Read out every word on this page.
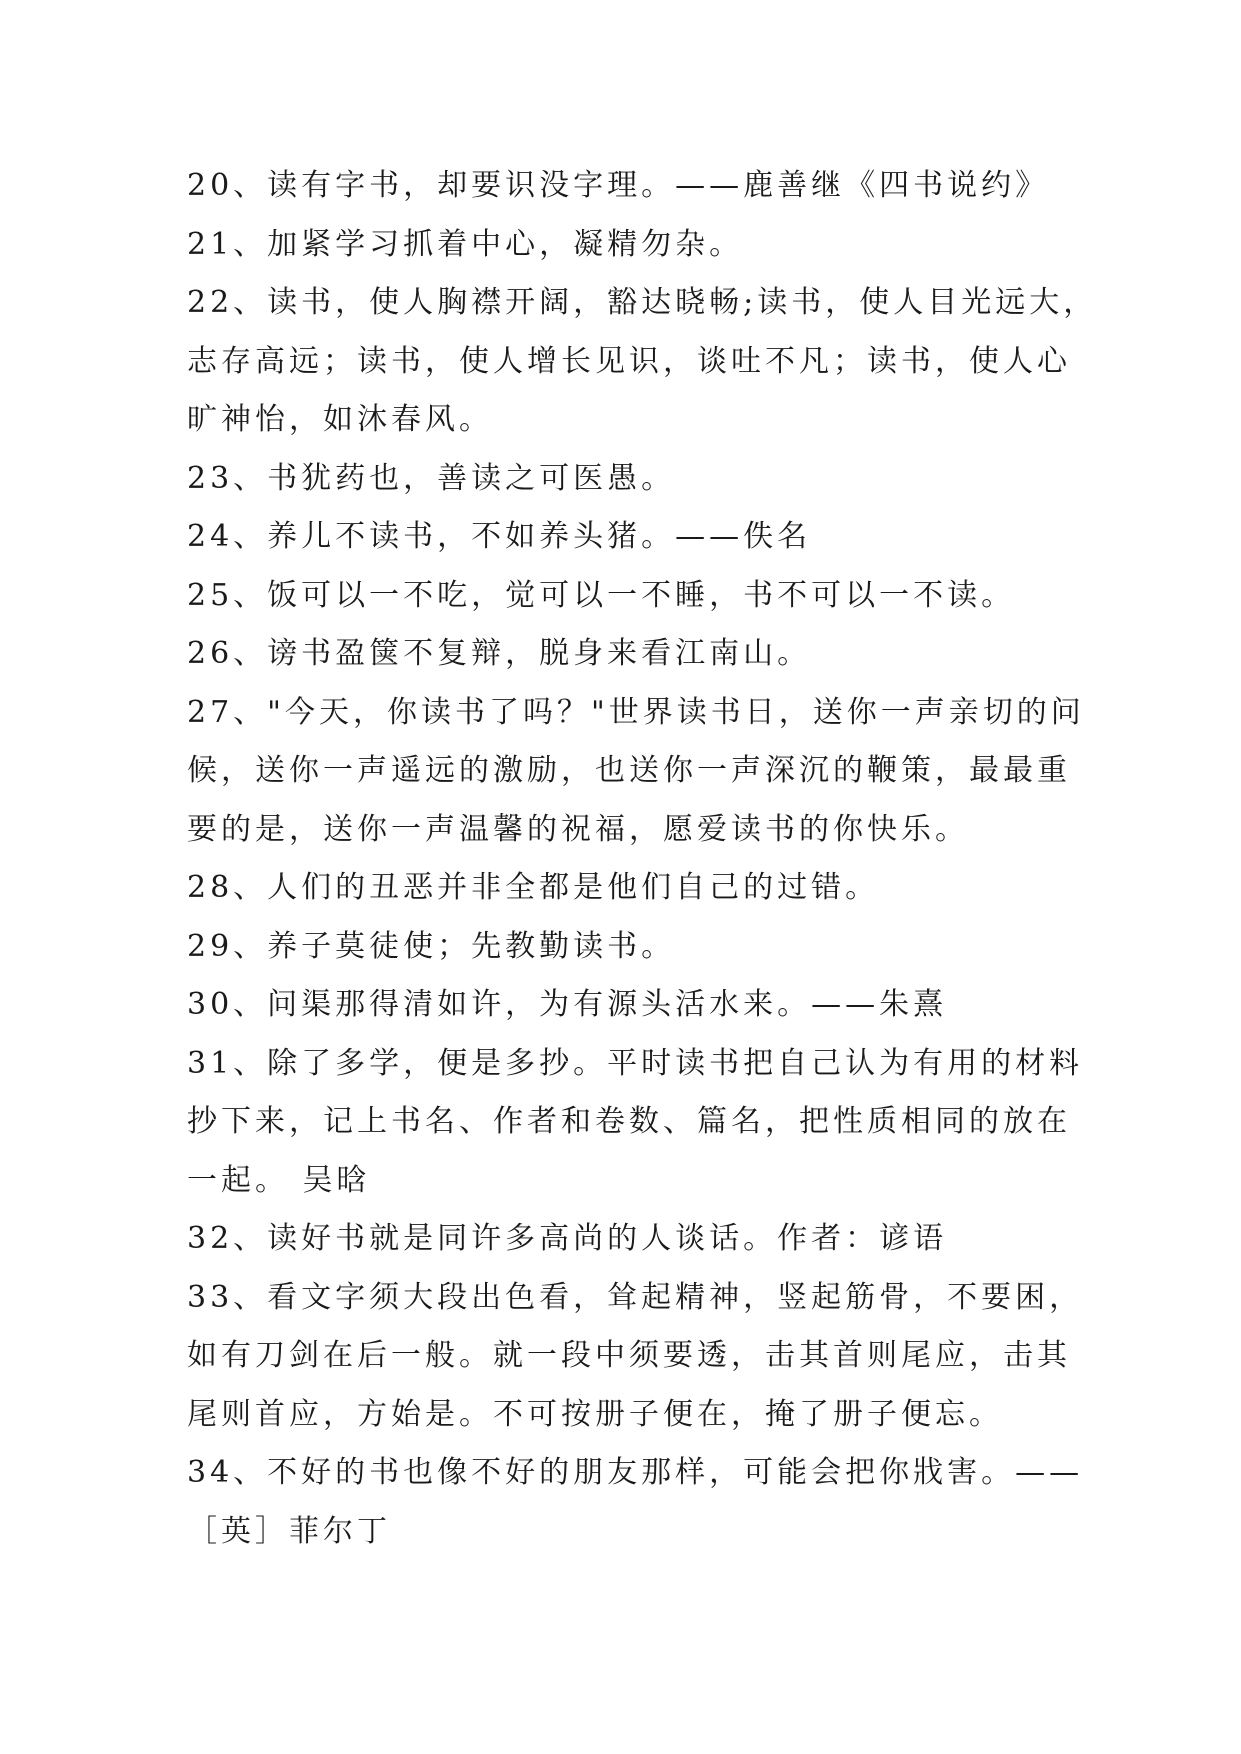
20、读有字书，却要识没字理。——鹿善继《四书说约》
21、加紧学习抓着中心，凝精勿杂。
22、读书，使人胸襟开阔，豁达晓畅;读书，使人目光远大，
志存高远；读书，使人增长见识，谈吐不凡；读书，使人心
旷神怡，如沐春风。
23、书犹药也，善读之可医愚。
24、养儿不读书，不如养头猪。——佚名
25、饭可以一不吃，觉可以一不睡，书不可以一不读。
26、谤书盈箧不复辩，脱身来看江南山。
27、"今天，你读书了吗？"世界读书日，送你一声亲切的问
候，送你一声遥远的激励，也送你一声深沉的鞭策，最最重
要的是，送你一声温馨的祝福，愿爱读书的你快乐。
28、人们的丑恶并非全都是他们自己的过错。
29、养子莫徒使；先教勤读书。
30、问渠那得清如许，为有源头活水来。——朱熹
31、除了多学，便是多抄。平时读书把自己认为有用的材料
抄下来，记上书名、作者和卷数、篇名，把性质相同的放在
一起。 吴晗
32、读好书就是同许多高尚的人谈话。作者：谚语
33、看文字须大段出色看，耸起精神，竖起筋骨，不要困，
如有刀剑在后一般。就一段中须要透，击其首则尾应，击其
尾则首应，方始是。不可按册子便在，掩了册子便忘。
34、不好的书也像不好的朋友那样，可能会把你戕害。——
［英］菲尔丁
